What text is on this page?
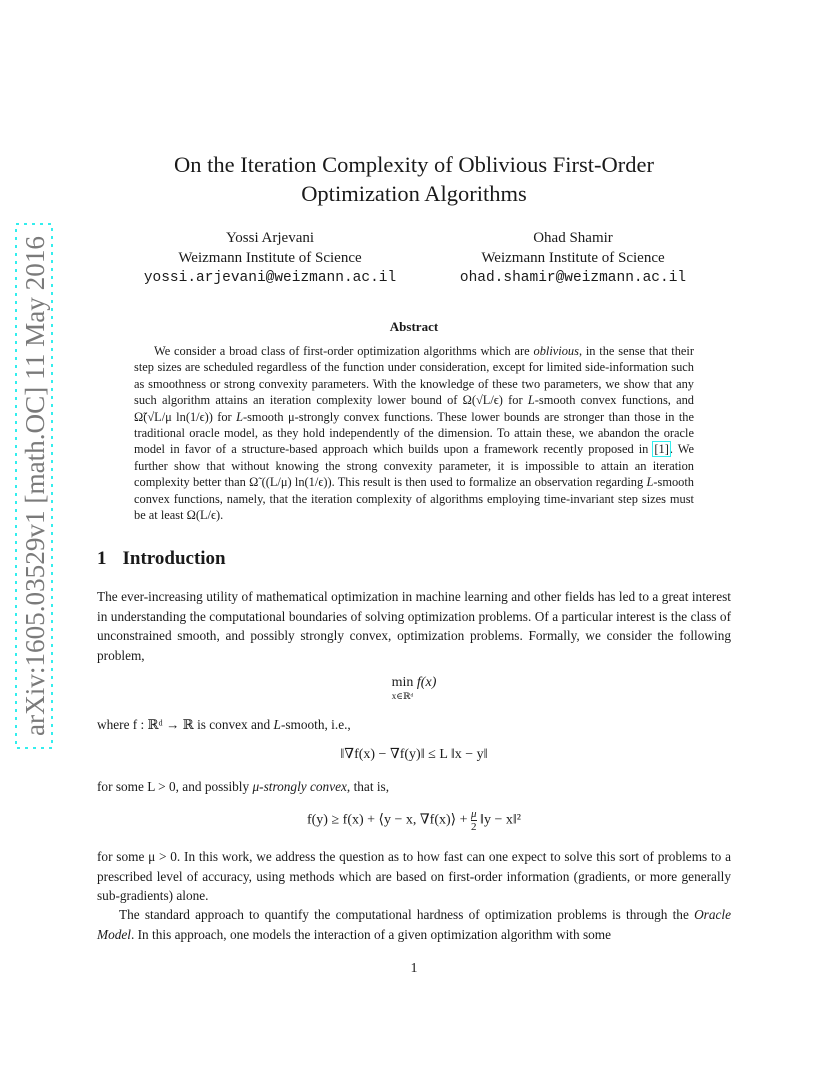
arXiv:1605.03529v1 [math.OC] 11 May 2016
On the Iteration Complexity of Oblivious First-Order
Optimization Algorithms
Yossi Arjevani
Weizmann Institute of Science
yossi.arjevani@weizmann.ac.il
Ohad Shamir
Weizmann Institute of Science
ohad.shamir@weizmann.ac.il
Abstract

We consider a broad class of first-order optimization algorithms which are oblivious, in the sense that their step sizes are scheduled regardless of the function under consideration, except for limited side-information such as smoothness or strong convexity parameters. With the knowledge of these two parameters, we show that any such algorithm attains an iteration complexity lower bound of Ω(√L/ϵ) for L-smooth convex functions, and Ω̃(√L/μ ln(1/ϵ)) for L-smooth μ-strongly convex functions. These lower bounds are stronger than those in the traditional oracle model, as they hold independently of the dimension. To attain these, we abandon the oracle model in favor of a structure-based approach which builds upon a framework recently proposed in [1]. We further show that without knowing the strong convexity parameter, it is impossible to attain an iteration complexity better than Ω̃ ((L/μ) ln(1/ϵ)). This result is then used to formalize an observation regarding L-smooth convex functions, namely, that the iteration complexity of algorithms employing time-invariant step sizes must be at least Ω(L/ϵ).

1 Introduction

The ever-increasing utility of mathematical optimization in machine learning and other fields has led to a great interest in understanding the computational boundaries of solving optimization problems. Of a particular interest is the class of unconstrained smooth, and possibly strongly convex, optimization problems. Formally, we consider the following problem,

min
x∈ℝᵈ
f(x)

where f : ℝᵈ → ℝ is convex and L-smooth, i.e.,

‖∇f(x) − ∇f(y)‖ ≤ L ‖x − y‖

for some L > 0, and possibly μ-strongly convex, that is,

f(y) ≥ f(x) + ⟨y − x, ∇f(x)⟩ + $\frac{\mu}{2}$ ‖y − x‖²

for some μ > 0. In this work, we address the question as to how fast can one expect to solve this sort of problems to a prescribed level of accuracy, using methods which are based on first-order information (gradients, or more generally sub-gradients) alone.

The standard approach to quantify the computational hardness of optimization problems is through the Oracle Model. In this approach, one models the interaction of a given optimization algorithm with some

1
